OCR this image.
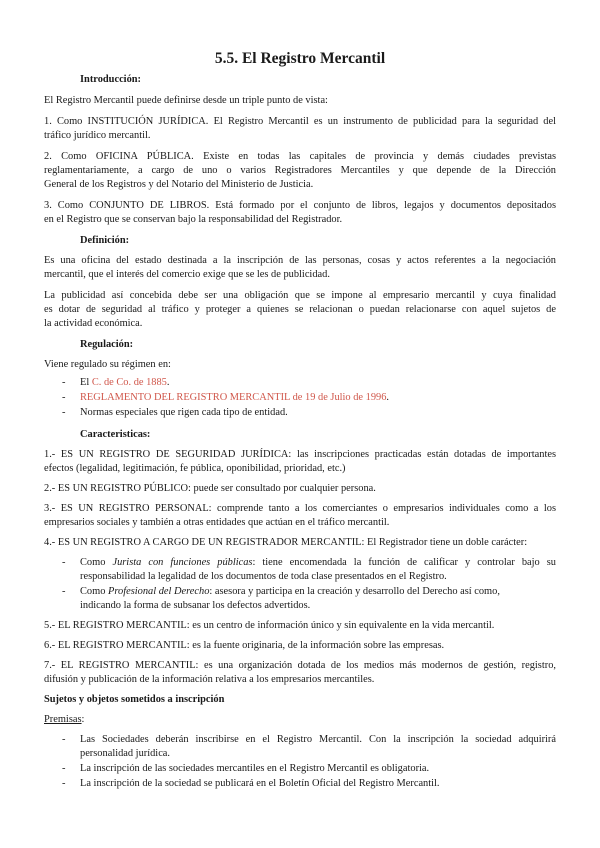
5.5. El Registro Mercantil
Introducción:
El Registro Mercantil puede definirse desde un triple punto de vista:
1. Como INSTITUCIÓN JURÍDICA. El Registro Mercantil es un instrumento de publicidad para la seguridad del
tráfico jurídico mercantil.
2. Como OFICINA PÚBLICA. Existe en todas las capitales de provincia y demás ciudades previstas
reglamentariamente, a cargo de uno o varios Registradores Mercantiles y que depende de la Dirección
General de los Registros y del Notario del Ministerio de Justicia.
3. Como CONJUNTO DE LIBROS. Está formado por el conjunto de libros, legajos y documentos depositados
en el Registro que se conservan bajo la responsabilidad del Registrador.
Definición:
Es una oficina del estado destinada a la inscripción de las personas, cosas y actos referentes a la negociación
mercantil, que el interés del comercio exige que se les de publicidad.
La publicidad así concebida debe ser una obligación que se impone al empresario mercantil y cuya finalidad
es dotar de seguridad al tráfico y proteger a quienes se relacionan o puedan relacionarse con aquel sujetos de
la actividad económica.
Regulación:
Viene regulado su régimen en:
- El C. de Co. de 1885.
- REGLAMENTO DEL REGISTRO MERCANTIL de 19 de Julio de 1996.
- Normas especiales que rigen cada tipo de entidad.
Caracteristicas:
1.- ES UN REGISTRO DE SEGURIDAD JURÍDICA: las inscripciones practicadas están dotadas de importantes
efectos (legalidad, legitimación, fe pública, oponibilidad, prioridad, etc.)
2.- ES UN REGISTRO PÚBLICO: puede ser consultado por cualquier persona.
3.- ES UN REGISTRO PERSONAL: comprende tanto a los comerciantes o empresarios individuales como a los
empresarios sociales y también a otras entidades que actúan en el tráfico mercantil.
4.- ES UN REGISTRO A CARGO DE UN REGISTRADOR MERCANTIL: El Registrador tiene un doble carácter:
- Como Jurista con funciones públicas: tiene encomendada la función de calificar y controlar bajo su
responsabilidad la legalidad de los documentos de toda clase presentados en el Registro.
- Como Profesional del Derecho: asesora y participa en la creación y desarrollo del Derecho así como,
indicando la forma de subsanar los defectos advertidos.
5.- EL REGISTRO MERCANTIL: es un centro de información único y sin equivalente en la vida mercantil.
6.- EL REGISTRO MERCANTIL: es la fuente originaria, de la información sobre las empresas.
7.- EL REGISTRO MERCANTIL: es una organización dotada de los medios más modernos de gestión, registro,
difusión y publicación de la información relativa a los empresarios mercantiles.
Sujetos y objetos sometidos a inscripción
Premisas:
- Las Sociedades deberán inscribirse en el Registro Mercantil. Con la inscripción la sociedad adquirirá
personalidad jurídica.
- La inscripción de las sociedades mercantiles en el Registro Mercantil es obligatoria.
- La inscripción de la sociedad se publicará en el Boletín Oficial del Registro Mercantil.
